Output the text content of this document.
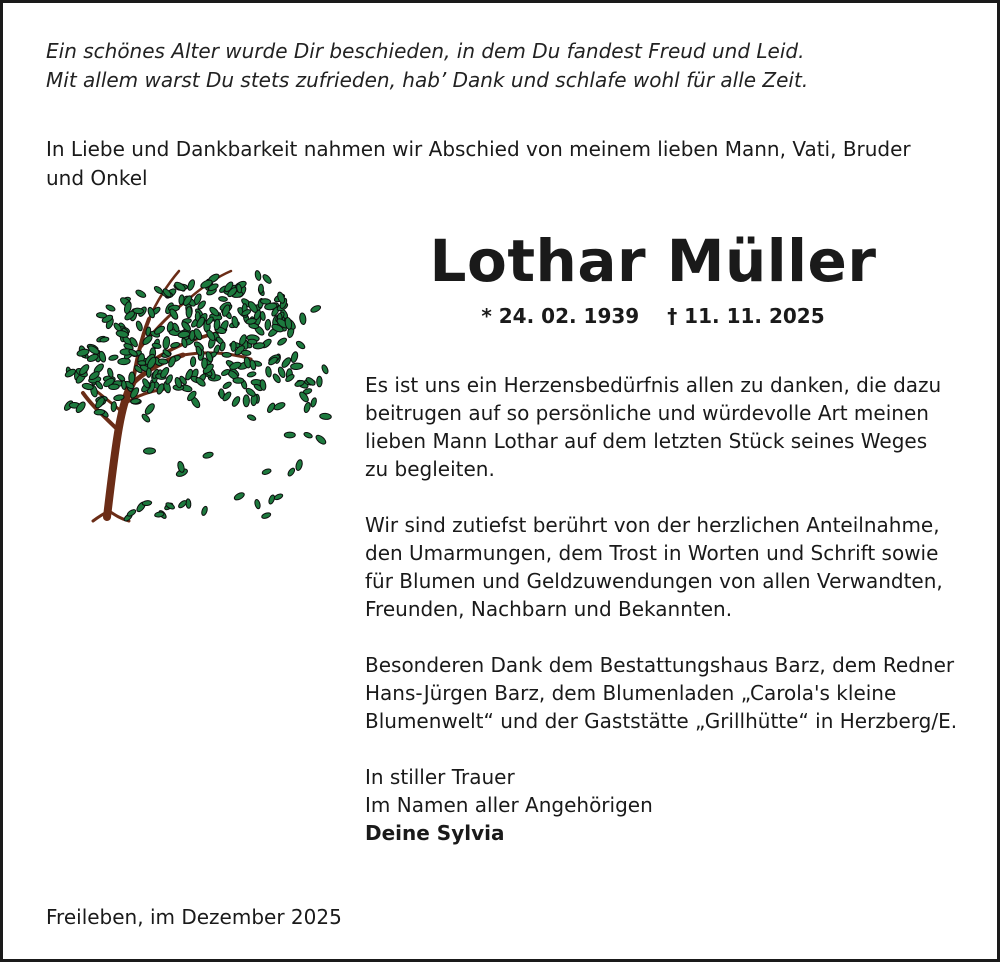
Ein schönes Alter wurde Dir beschieden, in dem Du fandest Freud und Leid.
Mit allem warst Du stets zufrieden, hab’ Dank und schlafe wohl für alle Zeit.
In Liebe und Dankbarkeit nahmen wir Abschied von meinem lieben Mann, Vati, Bruder
und Onkel
Lothar Müller
* 24. 02. 1939 † 11. 11. 2025
Es ist uns ein Herzensbedürfnis allen zu danken, die dazu
beitrugen auf so persönliche und würdevolle Art meinen
lieben Mann Lothar auf dem letzten Stück seines Weges
zu begleiten.
Wir sind zutiefst berührt von der herzlichen Anteilnahme,
den Umarmungen, dem Trost in Worten und Schrift sowie
für Blumen und Geldzuwendungen von allen Verwandten,
Freunden, Nachbarn und Bekannten.
Besonderen Dank dem Bestattungshaus Barz, dem Redner
Hans-Jürgen Barz, dem Blumenladen „Carola's kleine
Blumenwelt“ und der Gaststätte „Grillhütte“ in Herzberg/E.
In stiller Trauer
Im Namen aller Angehörigen
Deine Sylvia
Freileben, im Dezember 2025
